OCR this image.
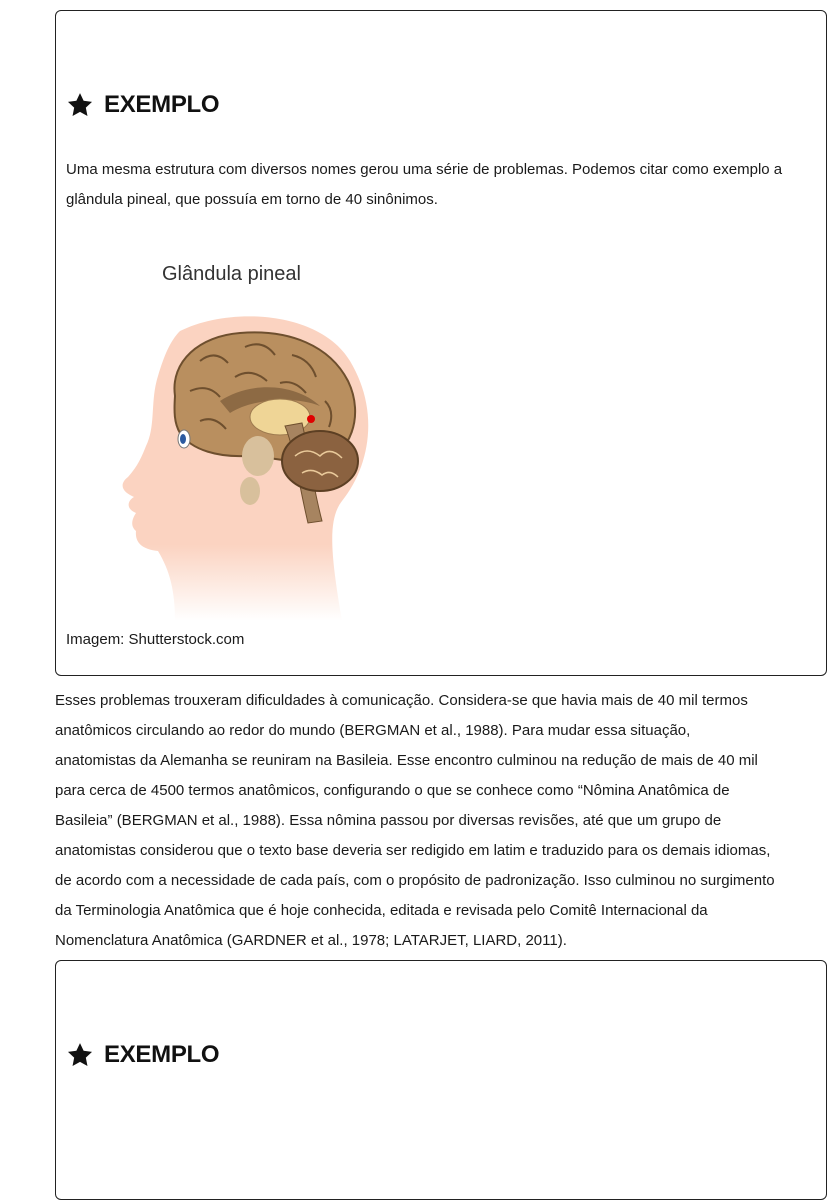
EXEMPLO
Uma mesma estrutura com diversos nomes gerou uma série de problemas. Podemos citar como exemplo a glândula pineal, que possuía em torno de 40 sinônimos.
Glândula pineal
Imagem: Shutterstock.com
Esses problemas trouxeram dificuldades à comunicação. Considera-se que havia mais de 40 mil termos anatômicos circulando ao redor do mundo (BERGMAN et al., 1988). Para mudar essa situação, anatomistas da Alemanha se reuniram na Basileia. Esse encontro culminou na redução de mais de 40 mil para cerca de 4500 termos anatômicos, configurando o que se conhece como “Nômina Anatômica de Basileia” (BERGMAN et al., 1988). Essa nômina passou por diversas revisões, até que um grupo de anatomistas considerou que o texto base deveria ser redigido em latim e traduzido para os demais idiomas, de acordo com a necessidade de cada país, com o propósito de padronização. Isso culminou no surgimento da Terminologia Anatômica que é hoje conhecida, editada e revisada pelo Comitê Internacional da Nomenclatura Anatômica (GARDNER et al., 1978; LATARJET, LIARD, 2011).
EXEMPLO
